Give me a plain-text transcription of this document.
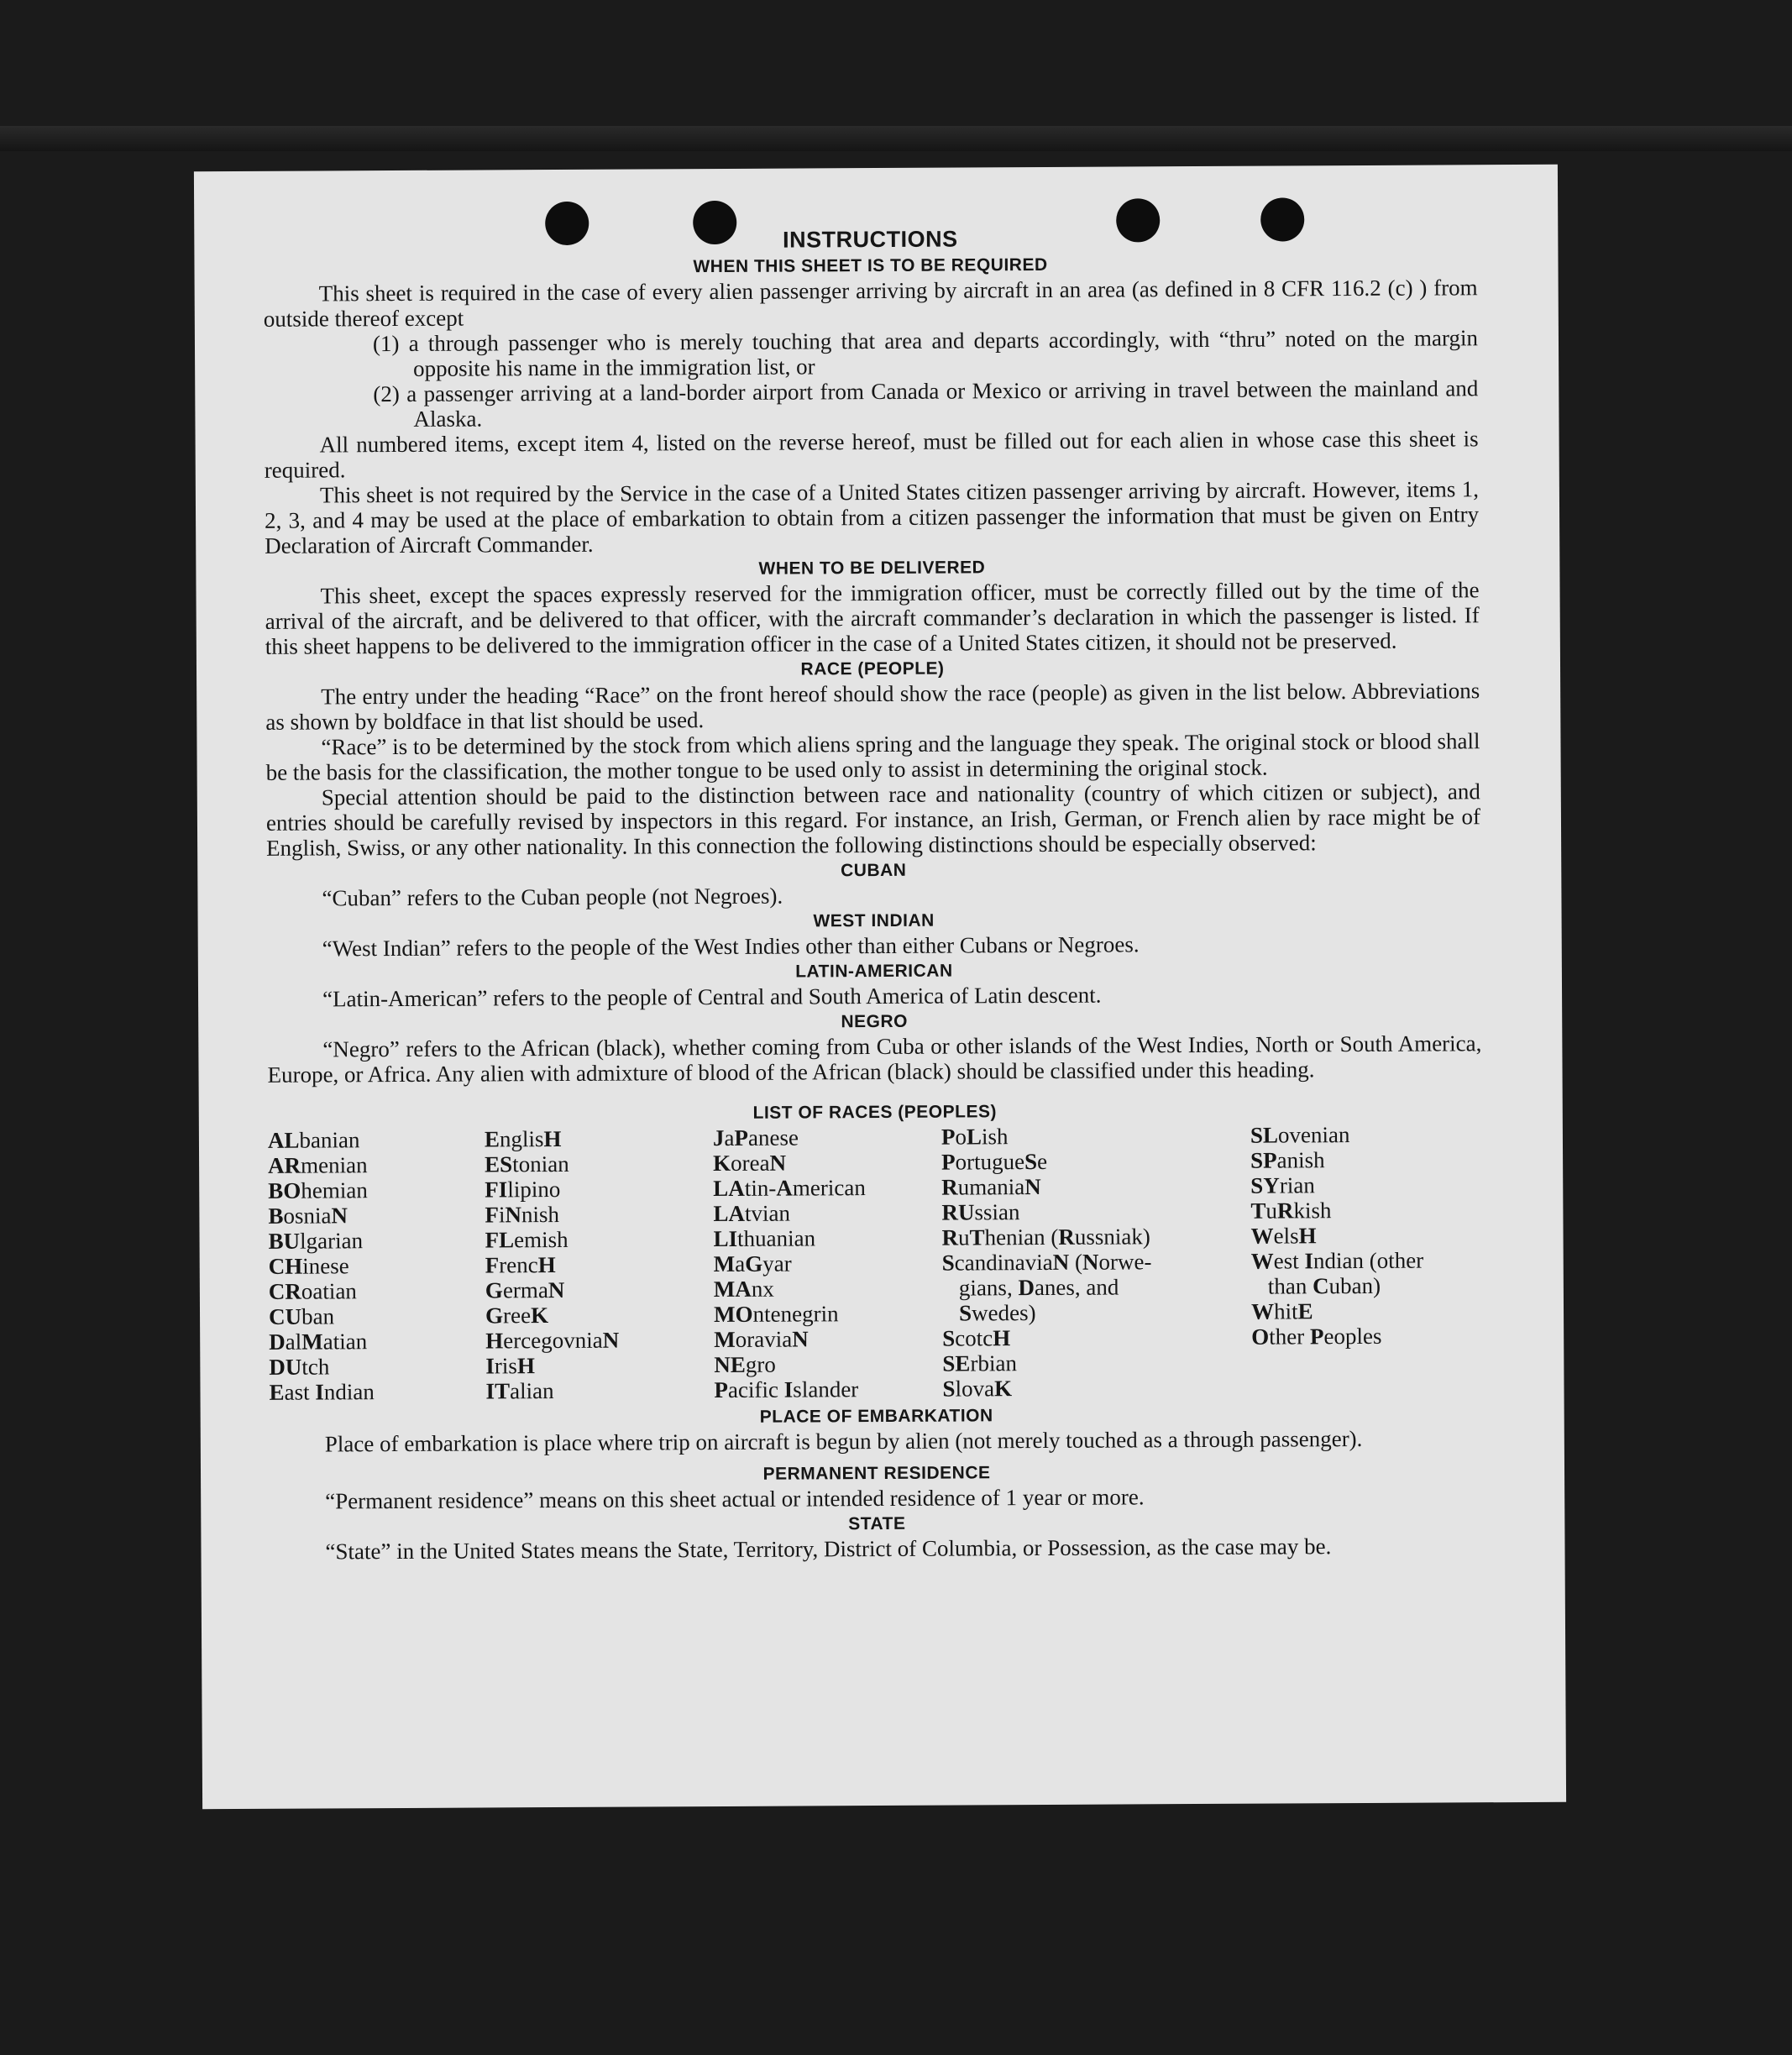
INSTRUCTIONS
WHEN THIS SHEET IS TO BE REQUIRED

This sheet is required in the case of every alien passenger arriving by aircraft in an area (as defined in 8 CFR 116.2 (c) ) from outside thereof except

(1) a through passenger who is merely touching that area and departs accordingly, with “thru” noted on the margin opposite his name in the immigration list, or

(2) a passenger arriving at a land-border airport from Canada or Mexico or arriving in travel between the mainland and Alaska.

All numbered items, except item 4, listed on the reverse hereof, must be filled out for each alien in whose case this sheet is required.

This sheet is not required by the Service in the case of a United States citizen passenger arriving by aircraft. However, items 1, 2, 3, and 4 may be used at the place of embarkation to obtain from a citizen passenger the information that must be given on Entry Declaration of Aircraft Commander.

WHEN TO BE DELIVERED

This sheet, except the spaces expressly reserved for the immigration officer, must be correctly filled out by the time of the arrival of the aircraft, and be delivered to that officer, with the aircraft commander’s declaration in which the passenger is listed. If this sheet happens to be delivered to the immigration officer in the case of a United States citizen, it should not be preserved.

RACE (PEOPLE)

The entry under the heading “Race” on the front hereof should show the race (people) as given in the list below. Abbreviations as shown by boldface in that list should be used.

“Race” is to be determined by the stock from which aliens spring and the language they speak. The original stock or blood shall be the basis for the classification, the mother tongue to be used only to assist in determining the original stock.

Special attention should be paid to the distinction between race and nationality (country of which citizen or subject), and entries should be carefully revised by inspectors in this regard. For instance, an Irish, German, or French alien by race might be of English, Swiss, or any other nationality. In this connection the following distinctions should be especially observed:

CUBAN

“Cuban” refers to the Cuban people (not Negroes).

WEST INDIAN

“West Indian” refers to the people of the West Indies other than either Cubans or Negroes.

LATIN-AMERICAN

“Latin-American” refers to the people of Central and South America of Latin descent.

NEGRO

“Negro” refers to the African (black), whether coming from Cuba or other islands of the West Indies, North or South America, Europe, or Africa. Any alien with admixture of blood of the African (black) should be classified under this heading.

LIST OF RACES (PEOPLES)
ALbanian
ARmenian
BOhemian
BosniaN
BUlgarian
CHinese
CRoatian
CUban
DalMatian
DUtch
East Indian
EnglisH
EStonian
FIlipino
FiNnish
FLemish
FrencH
GermaN
GreeK
HercegovniaN
IrisH
ITalian
JaPanese
KoreaN
LAtin-American
LAtvian
LIthuanian
MaGyar
MAnx
MOntenegrin
MoraviaN
NEgro
Pacific Islander
PoLish
PortugueSe
RumaniaN
RUssian
RuThenian (Russniak)
ScandinaviaN (Norwe-
gians, Danes, and
Swedes)
ScotcH
SErbian
SlovaK
SLovenian
SPanish
SYrian
TuRkish
WelsH
West Indian (other
than Cuban)
WhitE
Other Peoples
PLACE OF EMBARKATION

Place of embarkation is place where trip on aircraft is begun by alien (not merely touched as a through passenger).

PERMANENT RESIDENCE

“Permanent residence” means on this sheet actual or intended residence of 1 year or more.

STATE

“State” in the United States means the State, Territory, District of Columbia, or Possession, as the case may be.
